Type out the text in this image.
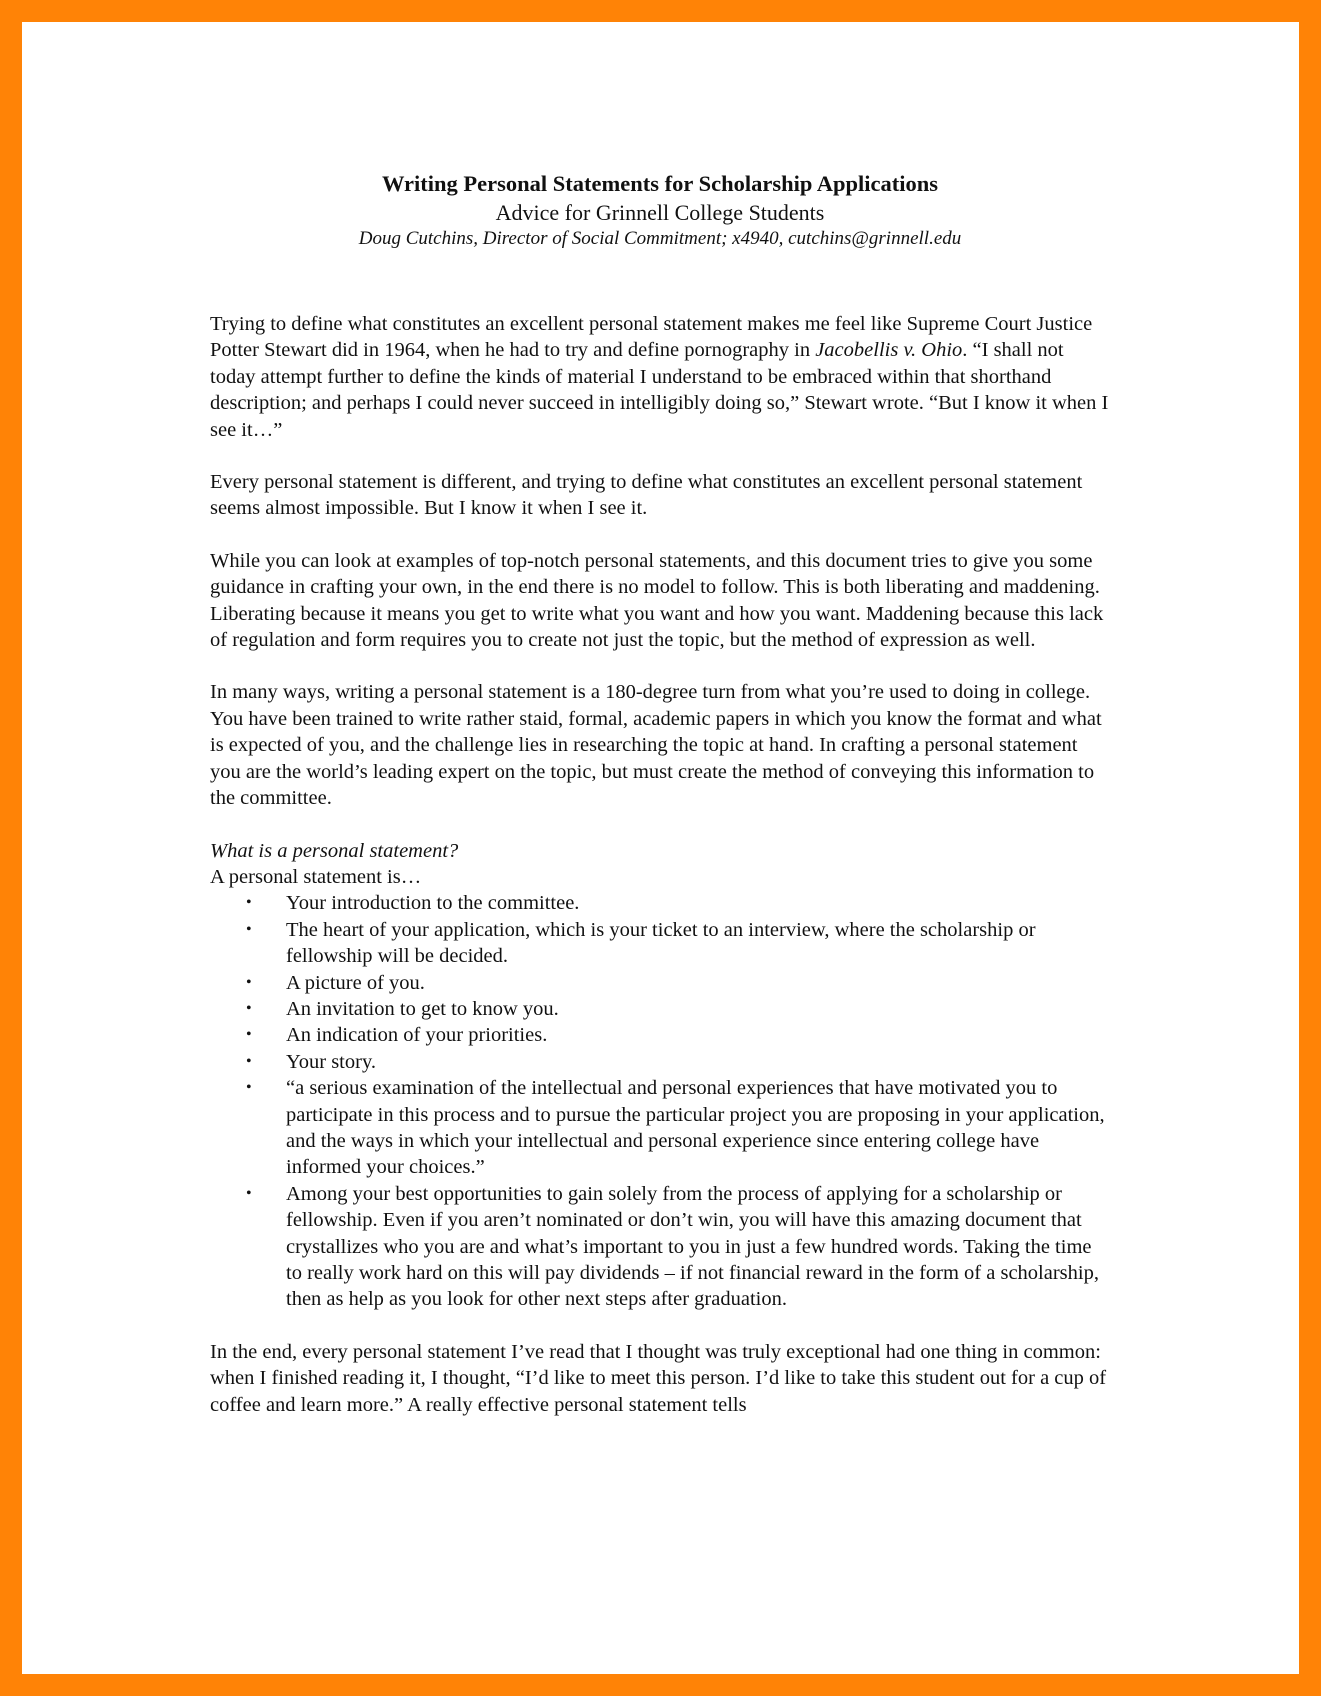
Writing Personal Statements for Scholarship Applications
Advice for Grinnell College Students
Doug Cutchins, Director of Social Commitment; x4940, cutchins@grinnell.edu

Trying to define what constitutes an excellent personal statement makes me feel like Supreme Court Justice Potter Stewart did in 1964, when he had to try and define pornography in Jacobellis v. Ohio. “I shall not today attempt further to define the kinds of material I understand to be embraced within that shorthand description; and perhaps I could never succeed in intelligibly doing so,” Stewart wrote. “But I know it when I see it…”

Every personal statement is different, and trying to define what constitutes an excellent personal statement seems almost impossible. But I know it when I see it.

While you can look at examples of top-notch personal statements, and this document tries to give you some guidance in crafting your own, in the end there is no model to follow. This is both liberating and maddening. Liberating because it means you get to write what you want and how you want. Maddening because this lack of regulation and form requires you to create not just the topic, but the method of expression as well.

In many ways, writing a personal statement is a 180-degree turn from what you’re used to doing in college. You have been trained to write rather staid, formal, academic papers in which you know the format and what is expected of you, and the challenge lies in researching the topic at hand. In crafting a personal statement you are the world’s leading expert on the topic, but must create the method of conveying this information to the committee.

What is a personal statement?
A personal statement is…
• Your introduction to the committee.
• The heart of your application, which is your ticket to an interview, where the scholarship or fellowship will be decided.
• A picture of you.
• An invitation to get to know you.
• An indication of your priorities.
• Your story.
• “a serious examination of the intellectual and personal experiences that have motivated you to participate in this process and to pursue the particular project you are proposing in your application, and the ways in which your intellectual and personal experience since entering college have informed your choices.”
• Among your best opportunities to gain solely from the process of applying for a scholarship or fellowship. Even if you aren’t nominated or don’t win, you will have this amazing document that crystallizes who you are and what’s important to you in just a few hundred words. Taking the time to really work hard on this will pay dividends – if not financial reward in the form of a scholarship, then as help as you look for other next steps after graduation.

In the end, every personal statement I’ve read that I thought was truly exceptional had one thing in common: when I finished reading it, I thought, “I’d like to meet this person. I’d like to take this student out for a cup of coffee and learn more.” A really effective personal statement tells
